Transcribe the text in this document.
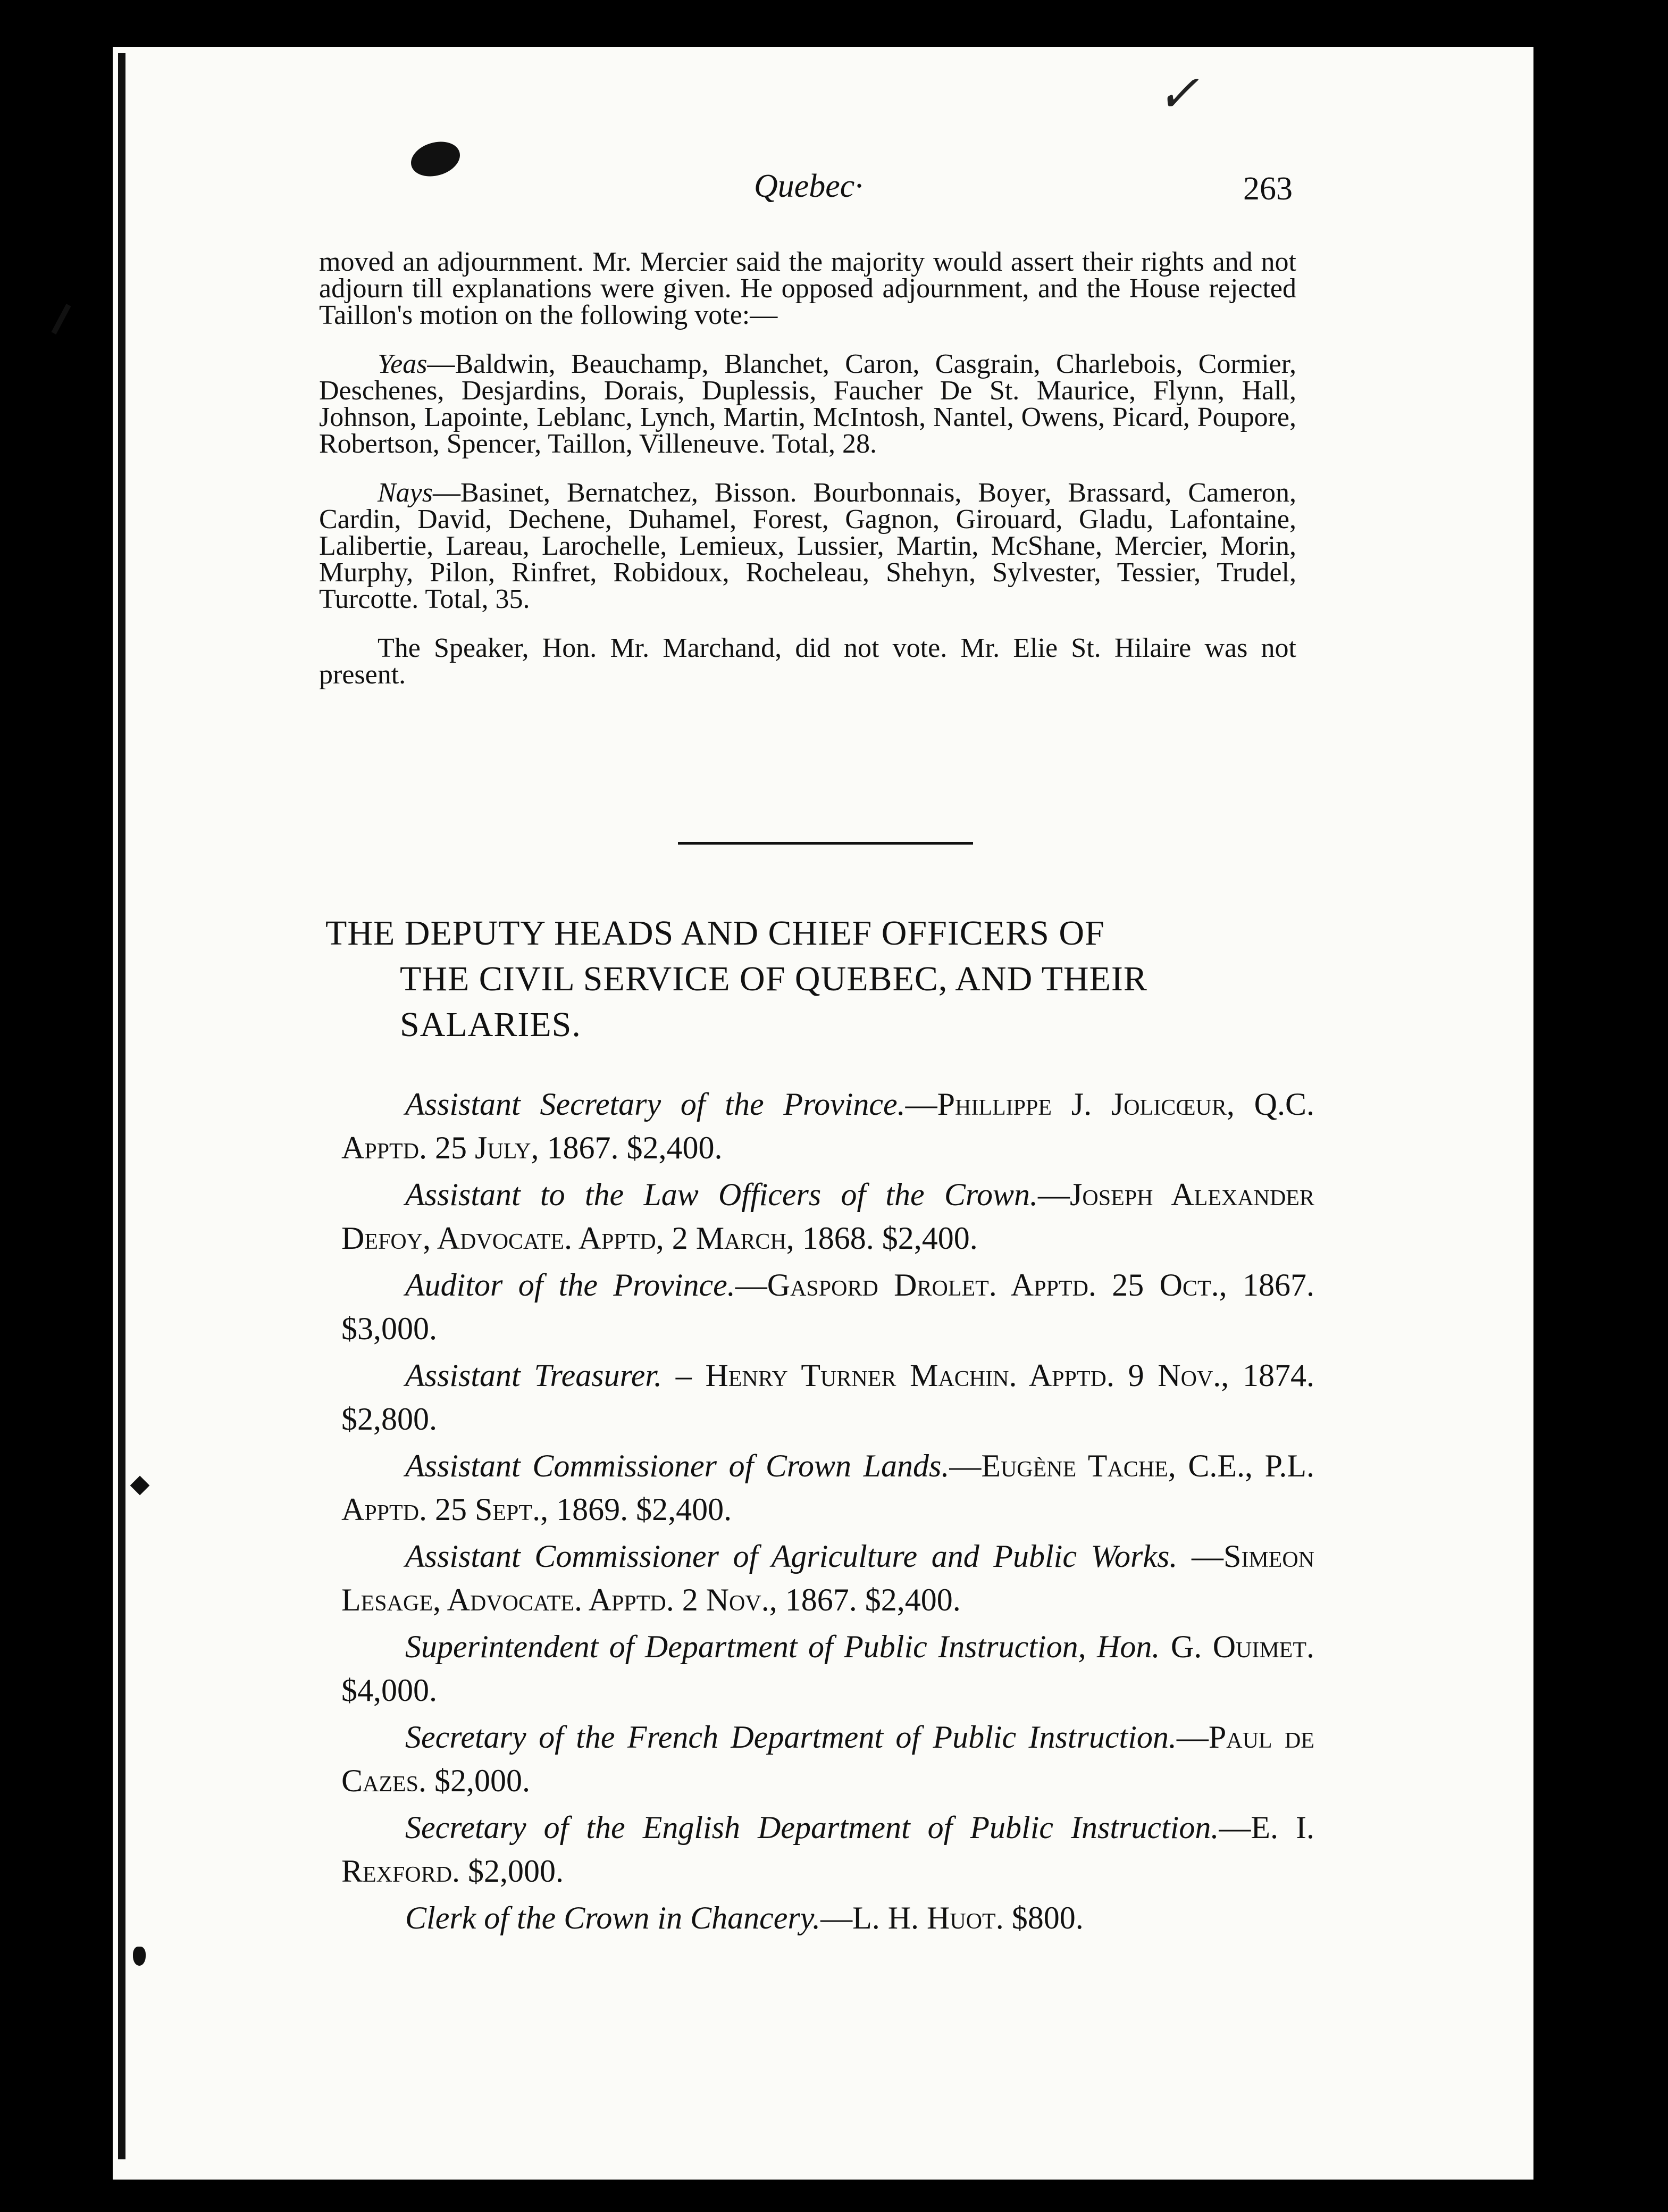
✓
Quebec·	263

moved an adjournment. Mr. Mercier said the majority would assert their rights and not adjourn till explanations were given. He opposed adjournment, and the House rejected Taillon's motion on the following vote:—

Yeas—Baldwin, Beauchamp, Blanchet, Caron, Casgrain, Charlebois, Cormier, Deschenes, Desjardins, Dorais, Duplessis, Faucher De St. Maurice, Flynn, Hall, Johnson, Lapointe, Leblanc, Lynch, Martin, McIntosh, Nantel, Owens, Picard, Poupore, Robertson, Spencer, Taillon, Villeneuve. Total, 28.

Nays—Basinet, Bernatchez, Bisson. Bourbonnais, Boyer, Brassard, Cameron, Cardin, David, Dechene, Duhamel, Forest, Gagnon, Girouard, Gladu, Lafontaine, Lalibertie, Lareau, Larochelle, Lemieux, Lussier, Martin, McShane, Mercier, Morin, Murphy, Pilon, Rinfret, Robidoux, Rocheleau, Shehyn, Sylvester, Tessier, Trudel, Turcotte. Total, 35.

The Speaker, Hon. Mr. Marchand, did not vote. Mr. Elie St. Hilaire was not present.

THE DEPUTY HEADS AND CHIEF OFFICERS OF
THE CIVIL SERVICE OF QUEBEC, AND THEIR
SALARIES.

Assistant Secretary of the Province.—Phillippe J. Jolicœur, Q.C. Apptd. 25 July, 1867. $2,400.

Assistant to the Law Officers of the Crown.—Joseph Alexander Defoy, Advocate. Apptd, 2 March, 1868. $2,400.

Auditor of the Province.—Gaspord Drolet. Apptd. 25 Oct., 1867. $3,000.

Assistant Treasurer. – Henry Turner Machin. Apptd. 9 Nov., 1874. $2,800.

Assistant Commissioner of Crown Lands.—Eugène Tache, C.E., P.L. Apptd. 25 Sept., 1869. $2,400.

Assistant Commissioner of Agriculture and Public Works. —Simeon Lesage, Advocate. Apptd. 2 Nov., 1867. $2,400.

Superintendent of Department of Public Instruction, Hon. G. Ouimet. $4,000.

Secretary of the French Department of Public Instruction.—Paul de Cazes. $2,000.

Secretary of the English Department of Public Instruction.—E. I. Rexford. $2,000.

Clerk of the Crown in Chancery.—L. H. Huot. $800.
